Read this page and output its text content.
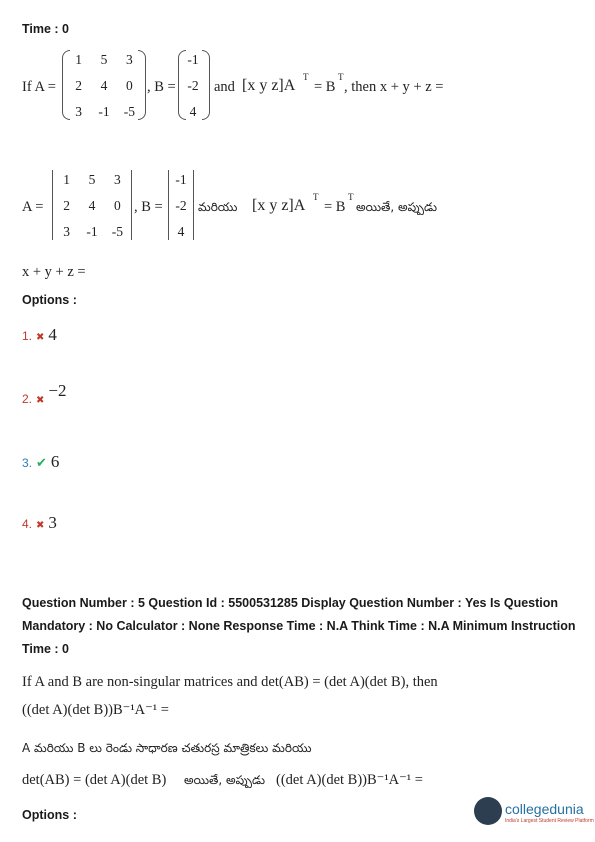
Time : 0
If A =
1	5	3
2	4	0
3	-1	-5
, B =
-1
-2
4
and [x y z]A T
= B
T
, then x + y + z =
A =
1	5	3
2	4	0
3	-1	-5
, B =
-1
-2
4
మరియు [x y z]A T
= B
T
అయితే, అప్పుడు
x + y + z =
Options :
1. ✖ 4
2. ✖ −2
3. ✔ 6
4. ✖ 3
Question Number : 5 Question Id : 5500531285 Display Question Number : Yes Is Question
Mandatory : No Calculator : None Response Time : N.A Think Time : N.A Minimum Instruction
Time : 0
If A and B are non-singular matrices and det(AB) = (det A)(det B), then
((det A)(det B))B⁻¹A⁻¹ =
A మరియు B లు రెండు సాధారణ చతురస్ర మాత్రికలు మరియు
det(AB) = (det A)(det B) అయితే, అప్పుడు ((det A)(det B))B⁻¹A⁻¹ =
Options :	collegedunia
India's Largest Student Review Platform
